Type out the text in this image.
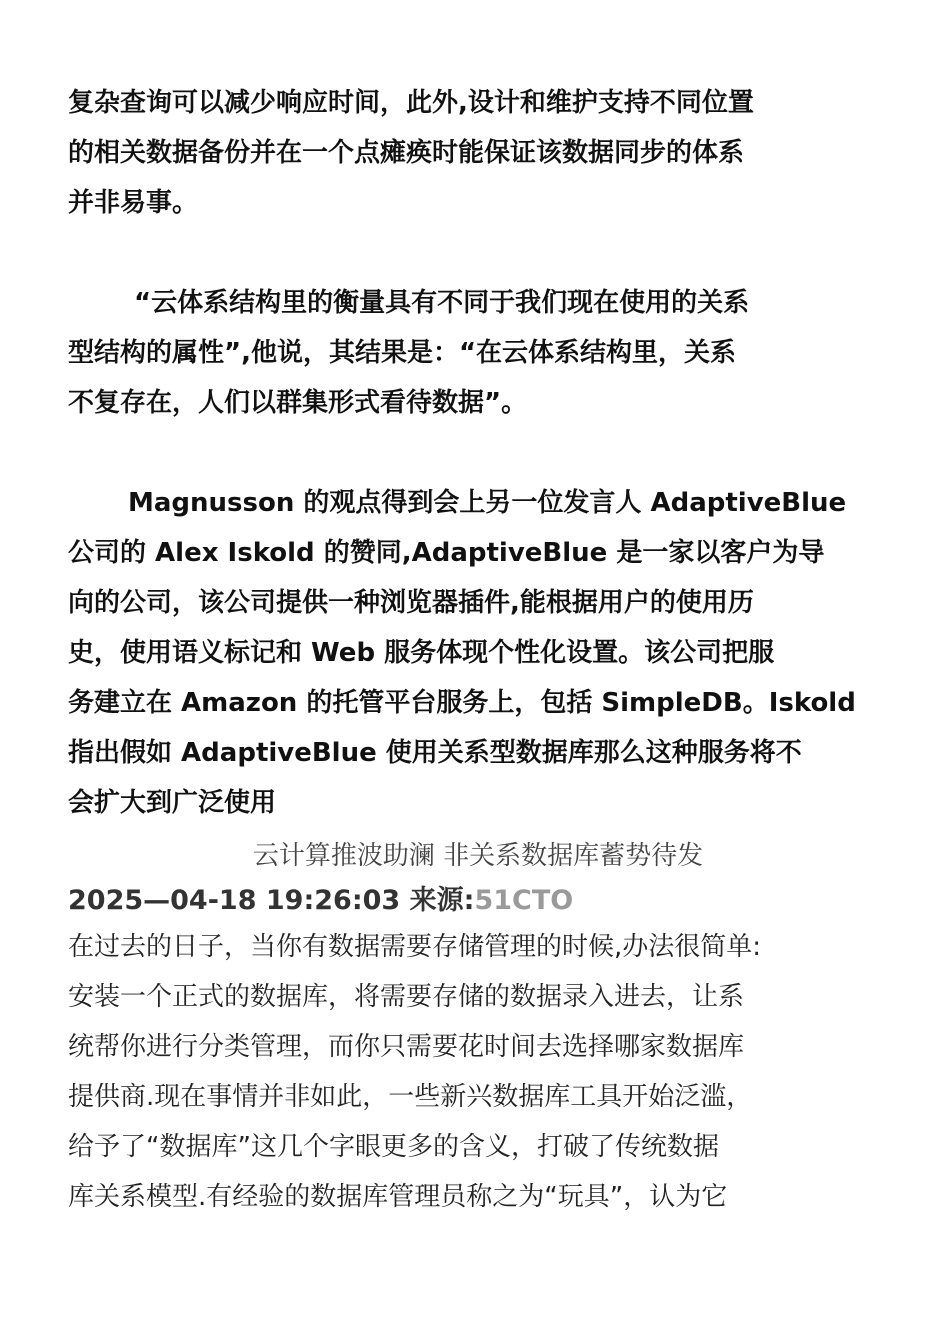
复杂查询可以减少响应时间，此外,设计和维护支持不同位置
的相关数据备份并在一个点瘫痪时能保证该数据同步的体系
并非易事。
“云体系结构里的衡量具有不同于我们现在使用的关系
型结构的属性”,他说，其结果是：“在云体系结构里，关系
不复存在，人们以群集形式看待数据”。
Magnusson 的观点得到会上另一位发言人 AdaptiveBlue
公司的 Alex Iskold 的赞同,AdaptiveBlue 是一家以客户为导
向的公司，该公司提供一种浏览器插件,能根据用户的使用历
史，使用语义标记和 Web 服务体现个性化设置。该公司把服
务建立在 Amazon 的托管平台服务上，包括 SimpleDB。Iskold
指出假如 AdaptiveBlue 使用关系型数据库那么这种服务将不
会扩大到广泛使用
云计算推波助澜 非关系数据库蓄势待发
2025—04-18 19:26:03 来源:51CTO
在过去的日子，当你有数据需要存储管理的时候,办法很简单:
安装一个正式的数据库，将需要存储的数据录入进去，让系
统帮你进行分类管理，而你只需要花时间去选择哪家数据库
提供商.现在事情并非如此，一些新兴数据库工具开始泛滥，
给予了“数据库”这几个字眼更多的含义，打破了传统数据
库关系模型.有经验的数据库管理员称之为“玩具”，认为它
